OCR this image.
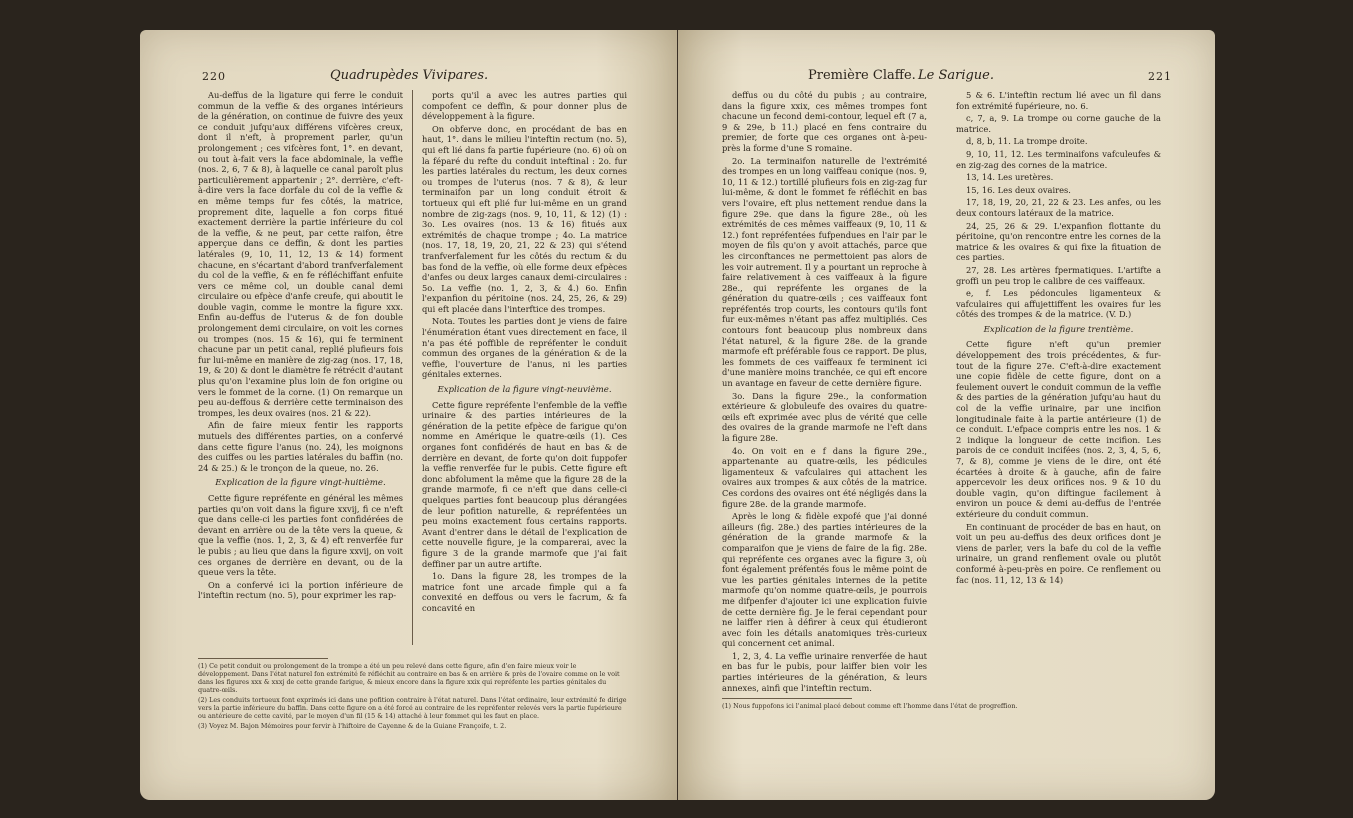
220	Quadrupèdes Vivipares.

Au-deffus de la ligature qui ferre le conduit commun de la veffie & des organes intérieurs de la génération, on continue de fuivre des yeux ce conduit jufqu'aux différens vifcères creux, dont il n'eft, à proprement parler, qu'un prolongement ; ces vifcères font, 1°. en devant, ou tout à-fait vers la face abdominale, la veffie (nos. 2, 6, 7 & 8), à laquelle ce canal paroît plus particulièrement appartenir ; 2°. derrière, c'eft-à-dire vers la face dorfale du col de la veffie & en même temps fur fes côtés, la matrice, proprement dite, laquelle a fon corps fitué exactement derrière la partie inférieure du col de la veffie, & ne peut, par cette raifon, être apperçue dans ce deffin, & dont les parties latérales (9, 10, 11, 12, 13 & 14) forment chacune, en s'écartant d'abord tranfverfalement du col de la veffie, & en fe réfléchiffant enfuite vers ce même col, un double canal demi circulaire ou efpèce d'anfe creufe, qui aboutit le double vagin, comme le montre la figure xxx. Enfin au-deffus de l'uterus & de fon double prolongement demi circulaire, on voit les cornes ou trompes (nos. 15 & 16), qui fe terminent chacune par un petit canal, replié plufieurs fois fur lui-même en manière de zig-zag (nos. 17, 18, 19, & 20) & dont le diamètre fe rétrécit d'autant plus qu'on l'examine plus loin de fon origine ou vers le fommet de la corne. (1) On remarque un peu au-deffous & derrière cette terminaison des trompes, les deux ovaires (nos. 21 & 22).

Afin de faire mieux fentir les rapports mutuels des différentes parties, on a confervé dans cette figure l'anus (no. 24), les moignons des cuiffes ou les parties latérales du baffin (no. 24 & 25.) & le tronçon de la queue, no. 26.

Explication de la figure vingt-huitième.

Cette figure repréfente en général les mêmes parties qu'on voit dans la figure xxvij, fi ce n'eft que dans celle-ci les parties font confidérées de devant en arrière ou de la tête vers la queue, & que la veffie (nos. 1, 2, 3, & 4) eft renverfée fur le pubis ; au lieu que dans la figure xxvij, on voit ces organes de derrière en devant, ou de la queue vers la tête.

On a confervé ici la portion inférieure de l'inteftin rectum (no. 5), pour exprimer les rap-

ports qu'il a avec les autres parties qui compofent ce deffin, & pour donner plus de développement à la figure.

On obferve donc, en procédant de bas en haut, 1°. dans le milieu l'inteftin rectum (no. 5), qui eft lié dans fa partie fupérieure (no. 6) où on la féparé du refte du conduit inteftinal : 2o. fur les parties latérales du rectum, les deux cornes ou trompes de l'uterus (nos. 7 & 8), & leur terminaifon par un long conduit étroit & tortueux qui eft plié fur lui-même en un grand nombre de zig-zags (nos. 9, 10, 11, & 12) (1) : 3o. Les ovaires (nos. 13 & 16) fitués aux extrémités de chaque trompe ; 4o. La matrice (nos. 17, 18, 19, 20, 21, 22 & 23) qui s'étend tranfverfalement fur les côtés du rectum & du bas fond de la veffie, où elle forme deux efpèces d'anfes ou deux larges canaux demi-circulaires : 5o. La veffie (no. 1, 2, 3, & 4.) 6o. Enfin l'expanfion du péritoine (nos. 24, 25, 26, & 29) qui eft placée dans l'interftice des trompes.

Nota. Toutes les parties dont je viens de faire l'énumération étant vues directement en face, il n'a pas été poffible de repréfenter le conduit commun des organes de la génération & de la veffie, l'ouverture de l'anus, ni les parties génitales externes.

Explication de la figure vingt-neuvième.

Cette figure repréfente l'enfemble de la veffie urinaire & des parties intérieures de la génération de la petite efpèce de farigue qu'on nomme en Amérique le quatre-œils (1). Ces organes font confidérés de haut en bas & de derrière en devant, de forte qu'on doit fuppofer la veffie renverfée fur le pubis. Cette figure eft donc abfolument la même que la figure 28 de la grande marmofe, fi ce n'eft que dans celle-ci quelques parties font beaucoup plus dérangées de leur pofition naturelle, & repréfentées un peu moins exactement fous certains rapports. Avant d'entrer dans le détail de l'explication de cette nouvelle figure, je la comparerai, avec la figure 3 de la grande marmofe que j'ai fait deffiner par un autre artifte.

1o. Dans la figure 28, les trompes de la matrice font une arcade fimple qui a fa convexité en deffous ou vers le facrum, & fa concavité en

(1) Ce petit conduit ou prolongement de la trompe a été un peu relevé dans cette figure, afin d'en faire mieux voir le développement. Dans l'état naturel fon extrémité fe réfléchit au contraire en bas & en arrière & près de l'ovaire comme on le voit dans les figures xxx & xxxj de cette grande farigue, & mieux encore dans la figure xxix qui repréfente les parties génitales du quatre-œils.

(2) Les conduits tortueux font exprimés ici dans une pofition contraire à l'état naturel. Dans l'état ordinaire, leur extrémité fe dirige vers la partie inférieure du baffin. Dans cette figure on a été forcé au contraire de les repréfenter relevés vers la partie fupérieure ou antérieure de cette cavité, par le moyen d'un fil (15 & 14) attaché à leur fommet qui les faut en place.

(3) Voyez M. Bajon Mémoires pour fervir à l'hiftoire de Cayenne & de la Guiane Françoife, t. 2.

Première Claffe. Le Sarigue.	221

deffus ou du côté du pubis ; au contraire, dans la figure xxix, ces mêmes trompes font chacune un fecond demi-contour, lequel eft (7 a, 9 & 29e, b 11.) placé en fens contraire du premier, de forte que ces organes ont à-peu-près la forme d'une S romaine.

2o. La terminaifon naturelle de l'extrémité des trompes en un long vaiffeau conique (nos. 9, 10, 11 & 12.) tortillé plufieurs fois en zig-zag fur lui-même, & dont le fommet fe réfléchit en bas vers l'ovaire, eft plus nettement rendue dans la figure 29e. que dans la figure 28e., où les extrémités de ces mêmes vaiffeaux (9, 10, 11 & 12.) font repréfentées fufpendues en l'air par le moyen de fils qu'on y avoit attachés, parce que les circonftances ne permettoient pas alors de les voir autrement. Il y a pourtant un reproche à faire relativement à ces vaiffeaux à la figure 28e., qui repréfente les organes de la génération du quatre-œils ; ces vaiffeaux font repréfentés trop courts, les contours qu'ils font fur eux-mêmes n'étant pas affez multipliés. Ces contours font beaucoup plus nombreux dans l'état naturel, & la figure 28e. de la grande marmofe eft préférable fous ce rapport. De plus, les fommets de ces vaiffeaux fe terminent ici d'une manière moins tranchée, ce qui eft encore un avantage en faveur de cette dernière figure.

3o. Dans la figure 29e., la conformation extérieure & globuleufe des ovaires du quatre-œils eft exprimée avec plus de vérité que celle des ovaires de la grande marmofe ne l'eft dans la figure 28e.

4o. On voit en e f dans la figure 29e., appartenante au quatre-œils, les pédicules ligamenteux & vafculaires qui attachent les ovaires aux trompes & aux côtés de la matrice. Ces cordons des ovaires ont été négligés dans la figure 28e. de la grande marmofe.

Après le long & fidèle expofé que j'ai donné ailleurs (fig. 28e.) des parties intérieures de la génération de la grande marmofe & la comparaifon que je viens de faire de la fig. 28e. qui repréfente ces organes avec la figure 3, où font également préfentés fous le même point de vue les parties génitales internes de la petite marmofe qu'on nomme quatre-œils, je pourrois me difpenfer d'ajouter ici une explication fuivie de cette dernière fig. Je le ferai cependant pour ne laiffer rien à défirer à ceux qui étudieront avec foin les détails anatomiques très-curieux qui concernent cet animal.

1, 2, 3, 4. La veffie urinaire renverfée de haut en bas fur le pubis, pour laiffer bien voir les parties intérieures de la génération, & leurs annexes, ainfi que l'inteftin rectum.

5 & 6. L'inteftin rectum lié avec un fil dans fon extrémité fupérieure, no. 6.

c, 7, a, 9. La trompe ou corne gauche de la matrice.

d, 8, b, 11. La trompe droite.

9, 10, 11, 12. Les terminaifons vafculeufes & en zig-zag des cornes de la matrice.

13, 14. Les uretères.

15, 16. Les deux ovaires.

17, 18, 19, 20, 21, 22 & 23. Les anfes, ou les deux contours latéraux de la matrice.

24, 25, 26 & 29. L'expanfion flottante du péritoine, qu'on rencontre entre les cornes de la matrice & les ovaires & qui fixe la fituation de ces parties.

27, 28. Les artères fpermatiques. L'artifte a groffi un peu trop le calibre de ces vaiffeaux.

e, f. Les pédoncules ligamenteux & vafculaires qui affujettiffent les ovaires fur les côtés des trompes & de la matrice. (V. D.)

Explication de la figure trentième.

Cette figure n'eft qu'un premier développement des trois précédentes, & fur-tout de la figure 27e. C'eft-à-dire exactement une copie fidèle de cette figure, dont on a feulement ouvert le conduit commun de la veffie & des parties de la génération jufqu'au haut du col de la veffie urinaire, par une incifion longitudinale faite à la partie antérieure (1) de ce conduit. L'efpace compris entre les nos. 1 & 2 indique la longueur de cette incifion. Les parois de ce conduit incifées (nos. 2, 3, 4, 5, 6, 7, & 8), comme je viens de le dire, ont été écartées à droite & à gauche, afin de faire appercevoir les deux orifices nos. 9 & 10 du double vagin, qu'on diftingue facilement à environ un pouce & demi au-deffus de l'entrée extérieure du conduit commun.

En continuant de procéder de bas en haut, on voit un peu au-deffus des deux orifices dont je viens de parler, vers la bafe du col de la veffie urinaire, un grand renflement ovale ou plutôt conformé à-peu-près en poire. Ce renflement ou fac (nos. 11, 12, 13 & 14)

(1) Nous fuppofons ici l'animal placé debout comme eft l'homme dans l'état de progreffion.
